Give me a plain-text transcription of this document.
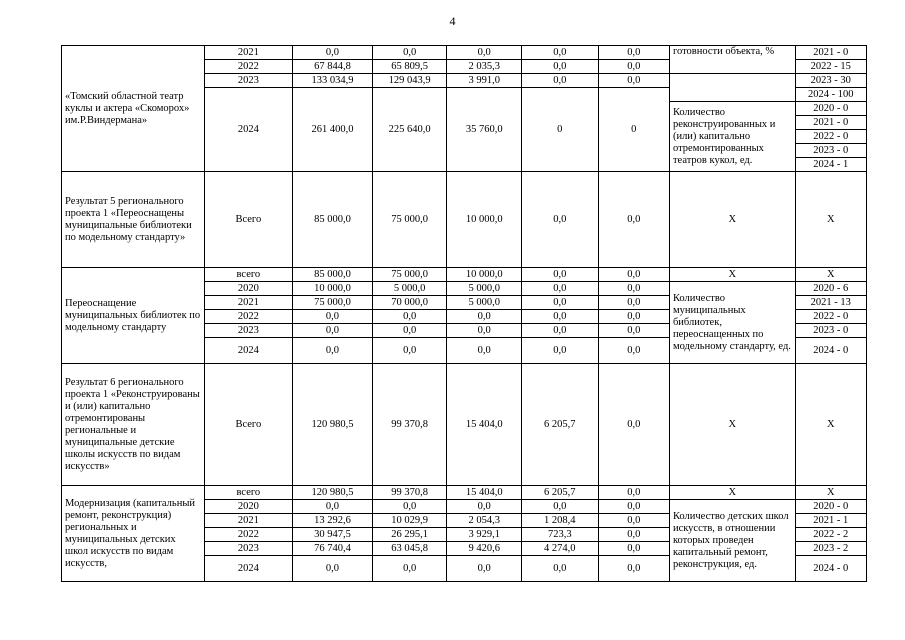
4
«Томский областной театр куклы и актера «Скоморох» им.Р.Виндермана»	2021	0,0	0,0	0,0	0,0	0,0	готовности объекта, %	2021 - 0
	2022	67 844,8	65 809,5	2 035,3	0,0	0,0		2022 - 15
	2023	133 034,9	129 043,9	3 991,0	0,0	0,0		2023 - 30
	2024	261 400,0	225 640,0	35 760,0	0	0		2024 - 100
							Количество реконструированных и (или) капитально отремонтированных театров кукол, ед.	2020 - 0
								2021 - 0
								2022 - 0
								2023 - 0
								2024 - 1
Результат 5 регионального проекта 1 «Переоснащены муниципальные библиотеки по модельному стандарту»	Всего	85 000,0	75 000,0	10 000,0	0,0	0,0	Х	Х
Переоснащение муниципальных библиотек по модельному стандарту	всего	85 000,0	75 000,0	10 000,0	0,0	0,0	Х	Х
	2020	10 000,0	5 000,0	5 000,0	0,0	0,0	Количество муниципальных библиотек, переоснащенных по модельному стандарту, ед.	2020 - 6
	2021	75 000,0	70 000,0	5 000,0	0,0	0,0		2021 - 13
	2022	0,0	0,0	0,0	0,0	0,0		2022 - 0
	2023	0,0	0,0	0,0	0,0	0,0		2023 - 0
	2024	0,0	0,0	0,0	0,0	0,0		2024 - 0
Результат 6 регионального проекта 1 «Реконструированы и (или) капитально отремонтированы региональные и муниципальные детские школы искусств по видам искусств»	Всего	120 980,5	99 370,8	15 404,0	6 205,7	0,0	Х	Х
Модернизация (капитальный ремонт, реконструкция) региональных и муниципальных детских школ искусств по видам искусств,	всего	120 980,5	99 370,8	15 404,0	6 205,7	0,0	Х	Х
	2020	0,0	0,0	0,0	0,0	0,0	Количество детских школ искусств, в отношении которых проведен капитальный ремонт, реконструкция, ед.	2020 - 0
	2021	13 292,6	10 029,9	2 054,3	1 208,4	0,0		2021 - 1
	2022	30 947,5	26 295,1	3 929,1	723,3	0,0		2022 - 2
	2023	76 740,4	63 045,8	9 420,6	4 274,0	0,0		2023 - 2
	2024	0,0	0,0	0,0	0,0	0,0		2024 - 0
